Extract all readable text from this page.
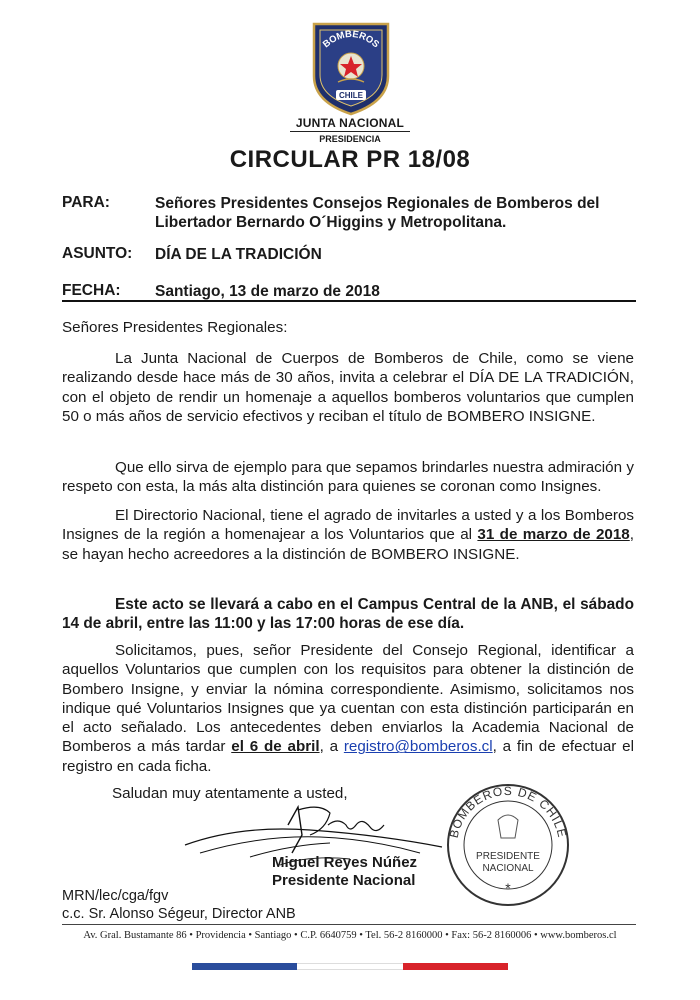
BOMBEROS
CHILE
JUNTA NACIONAL
PRESIDENCIA
CIRCULAR PR 18/08
PARA:	Señores Presidentes Consejos Regionales de Bomberos del Libertador Bernardo O´Higgins y Metropolitana.
ASUNTO: DÍA DE LA TRADICIÓN
FECHA: Santiago, 13 de marzo de 2018
Señores Presidentes Regionales:
La Junta Nacional de Cuerpos de Bomberos de Chile, como se viene realizando desde hace más de 30 años, invita a celebrar el DÍA DE LA TRADICIÓN, con el objeto de rendir un homenaje a aquellos bomberos voluntarios que cumplen 50 o más años de servicio efectivos y reciban el título de BOMBERO INSIGNE.
Que ello sirva de ejemplo para que sepamos brindarles nuestra admiración y respeto con esta, la más alta distinción para quienes se coronan como Insignes.
El Directorio Nacional, tiene el agrado de invitarles a usted y a los Bomberos Insignes de la región a homenajear a los Voluntarios que al 31 de marzo de 2018, se hayan hecho acreedores a la distinción de BOMBERO INSIGNE.
Este acto se llevará a cabo en el Campus Central de la ANB, el sábado 14 de abril, entre las 11:00 y las 17:00 horas de ese día.
Solicitamos, pues, señor Presidente del Consejo Regional, identificar a aquellos Voluntarios que cumplen con los requisitos para obtener la distinción de Bombero Insigne, y enviar la nómina correspondiente. Asimismo, solicitamos nos indique qué Voluntarios Insignes que ya cuentan con esta distinción participarán en el acto señalado. Los antecedentes deben enviarlos la Academia Nacional de Bomberos a más tardar el 6 de abril, a registro@bomberos.cl, a fin de efectuar el registro en cada ficha.
Saludan muy atentamente a usted,
Miguel Reyes Núñez
Presidente Nacional
BOMBEROS DE CHILE
PRESIDENTE
NACIONAL
*
MRN/lec/cga/fgv
c.c. Sr. Alonso Ségeur, Director ANB
Av. Gral. Bustamante 86 • Providencia • Santiago • C.P. 6640759 • Tel. 56-2 8160000 • Fax: 56-2 8160006 • www.bomberos.cl
